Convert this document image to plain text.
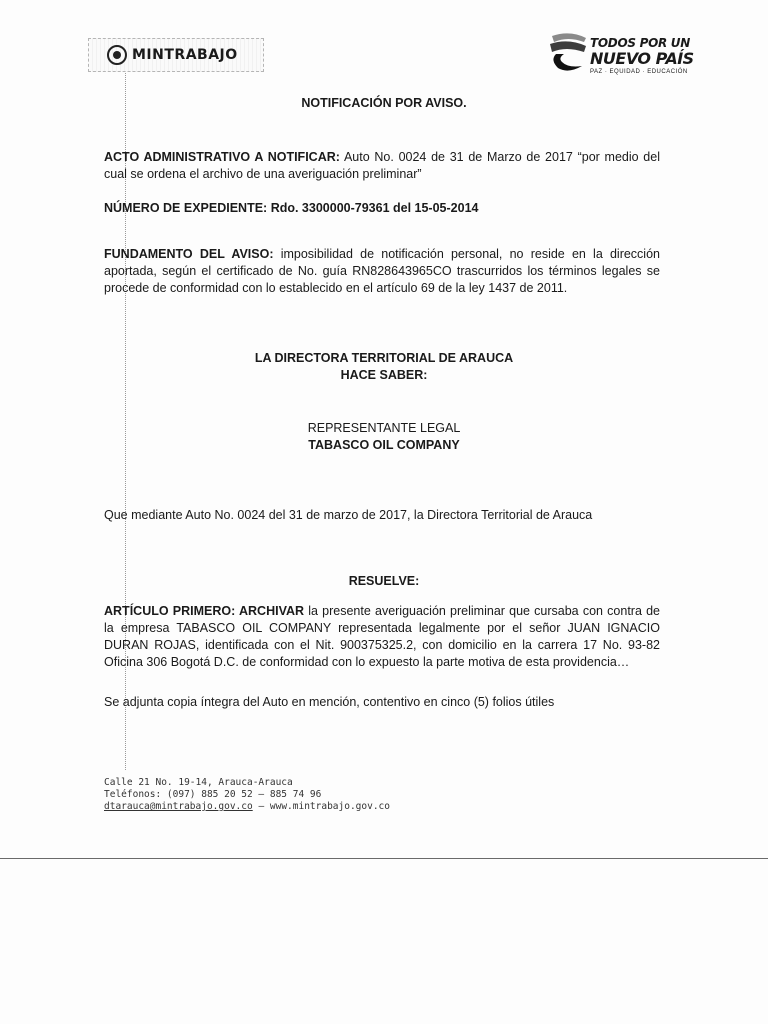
MINTRABAJO
TODOS POR UN
NUEVO PAÍS
PAZ · EQUIDAD · EDUCACIÓN
NOTIFICACIÓN POR AVISO.
ACTO ADMINISTRATIVO A NOTIFICAR: Auto No. 0024 de 31 de Marzo de 2017 “por medio del cual se ordena el archivo de una averiguación preliminar”
NÚMERO DE EXPEDIENTE: Rdo. 3300000-79361 del 15-05-2014
FUNDAMENTO DEL AVISO: imposibilidad de notificación personal, no reside en la dirección aportada, según el certificado de No. guía RN828643965CO trascurridos los términos legales se procede de conformidad con lo establecido en el artículo 69 de la ley 1437 de 2011.
LA DIRECTORA TERRITORIAL DE ARAUCA
HACE SABER:
REPRESENTANTE LEGAL
TABASCO OIL COMPANY
Que mediante Auto No. 0024 del 31 de marzo de 2017, la Directora Territorial de Arauca
RESUELVE:
ARTÍCULO PRIMERO: ARCHIVAR la presente averiguación preliminar que cursaba con contra de la empresa TABASCO OIL COMPANY representada legalmente por el señor JUAN IGNACIO DURAN ROJAS, identificada con el Nit. 900375325.2, con domicilio en la carrera 17 No. 93-82 Oficina 306 Bogotá D.C. de conformidad con lo expuesto la parte motiva de esta providencia…
Se adjunta copia íntegra del Auto en mención, contentivo en cinco (5) folios útiles
Calle 21 No. 19-14, Arauca-Arauca
Teléfonos: (097) 885 20 52 – 885 74 96
dtarauca@mintrabajo.gov.co – www.mintrabajo.gov.co
